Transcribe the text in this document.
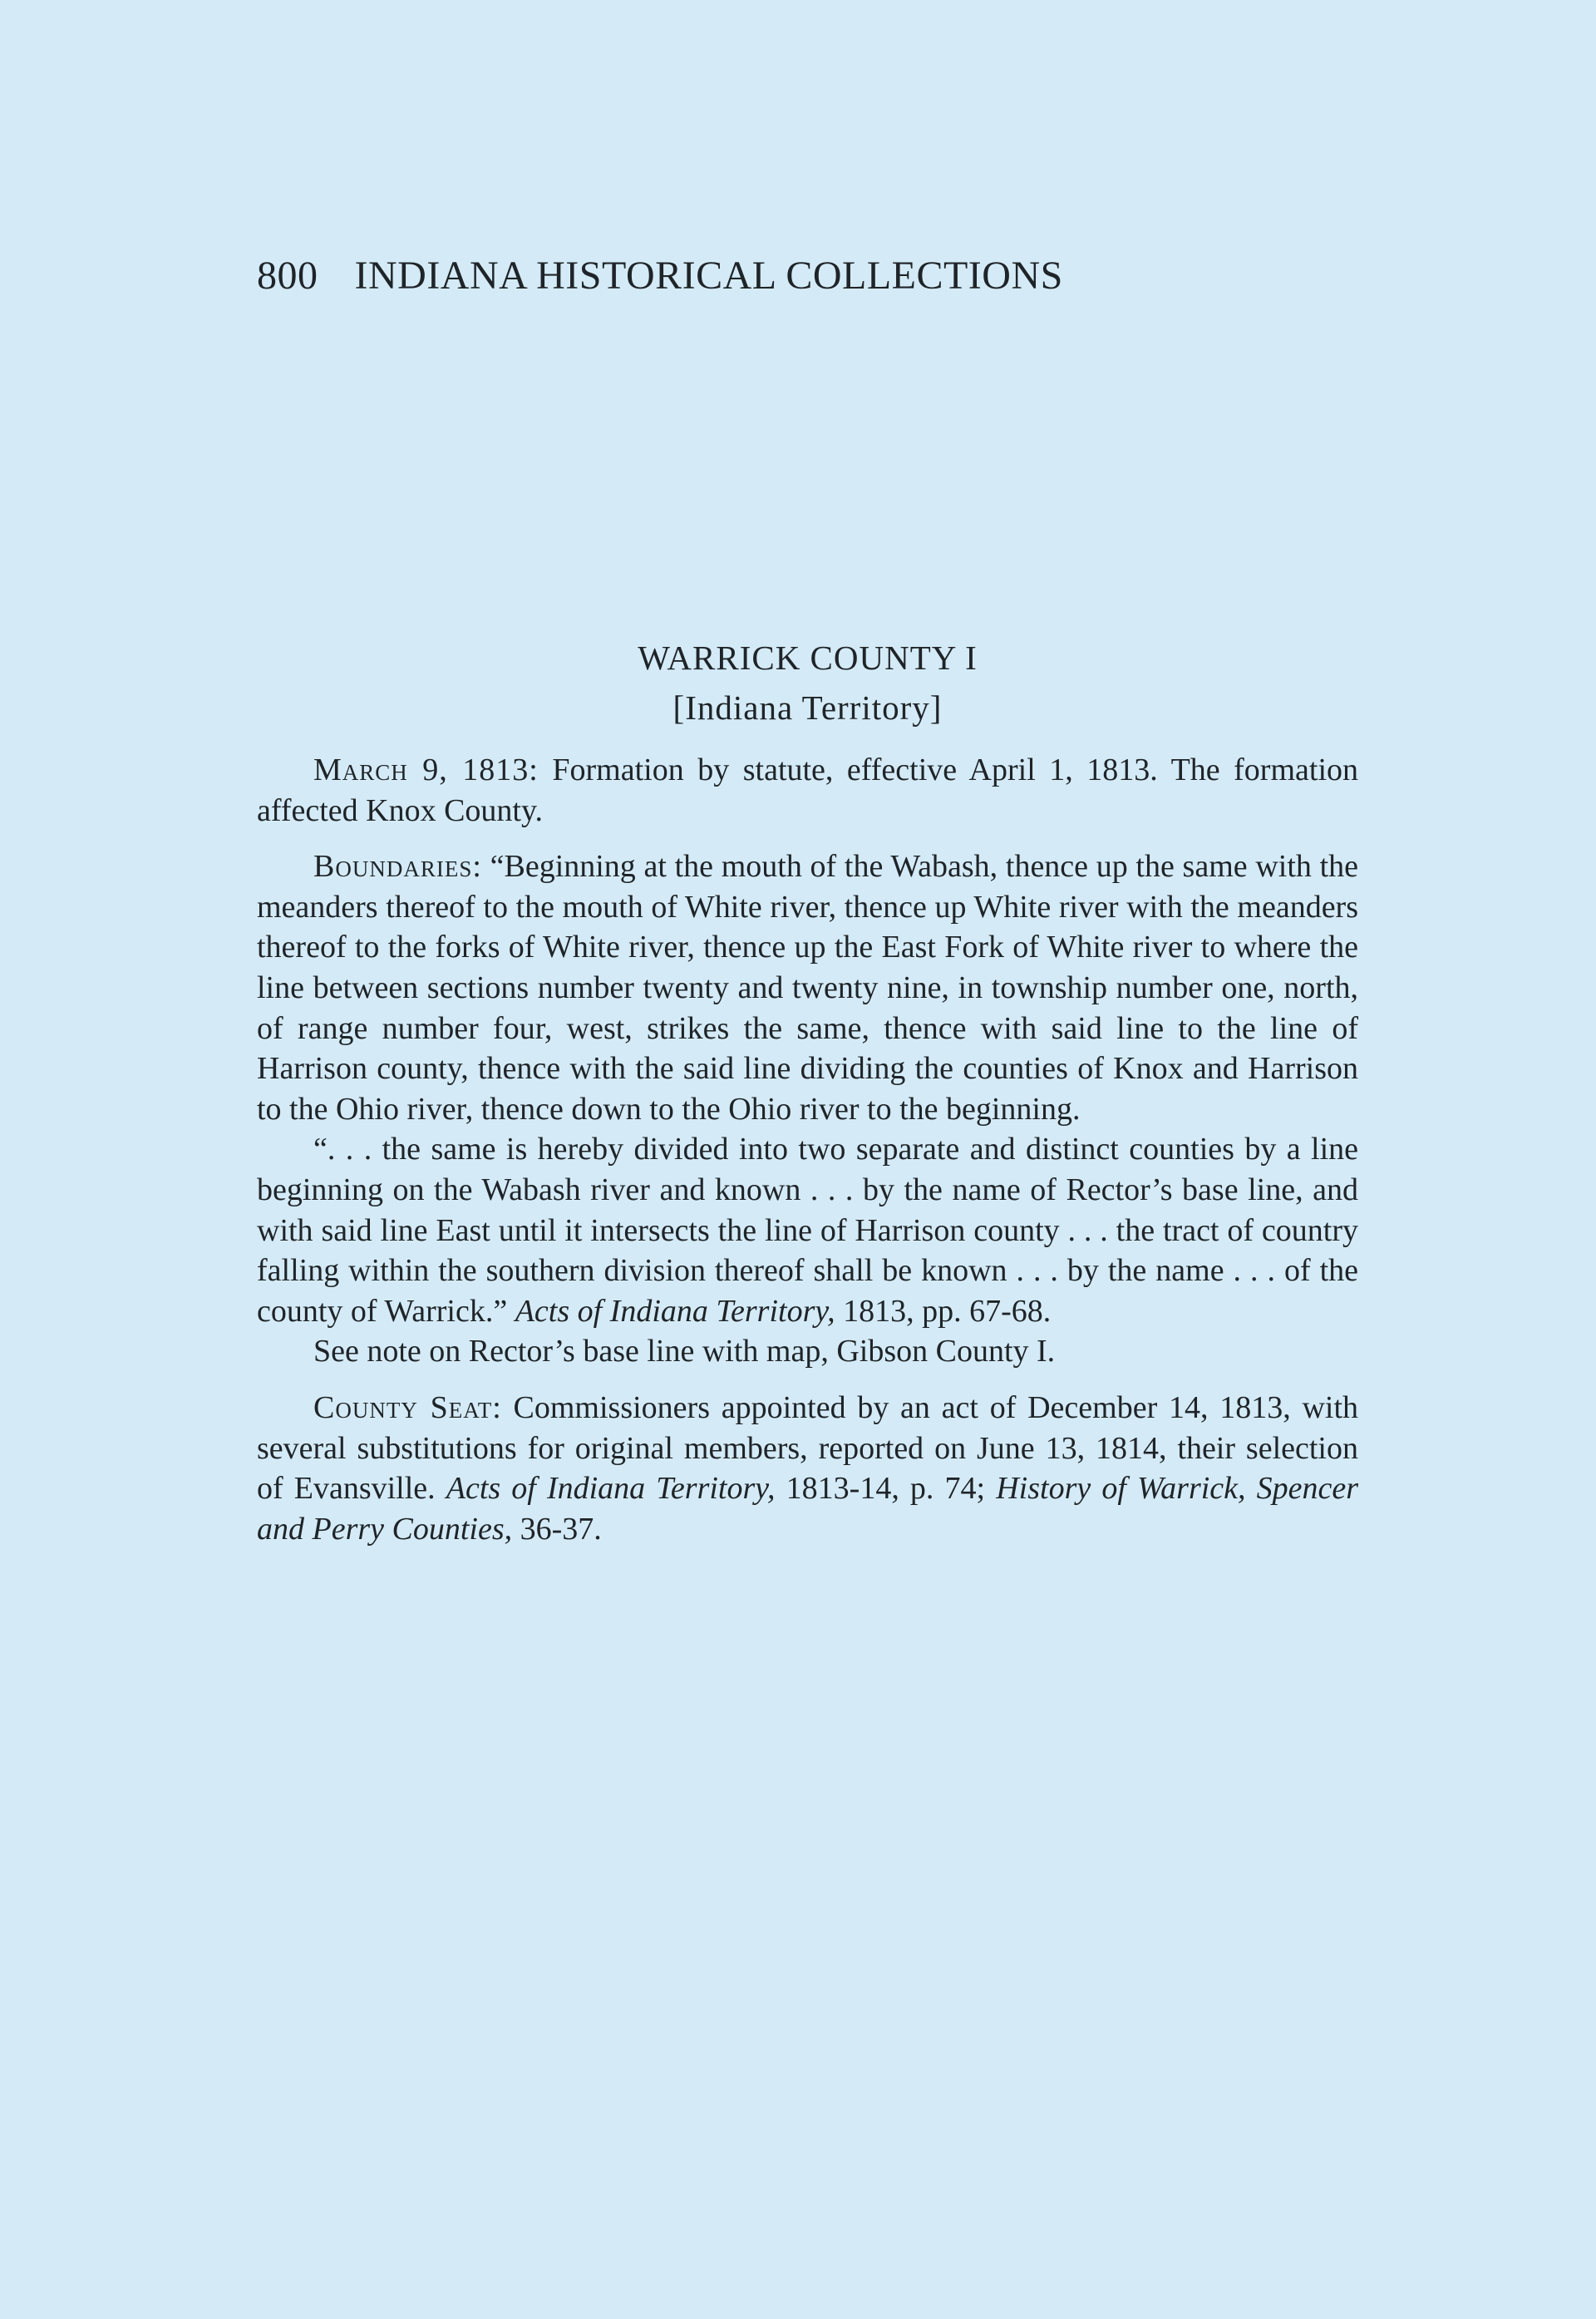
800 INDIANA HISTORICAL COLLECTIONS
WARRICK COUNTY I
[Indiana Territory]

March 9, 1813: Formation by statute, effective April 1, 1813. The formation affected Knox County.

Boundaries: “Beginning at the mouth of the Wabash, thence up the same with the meanders thereof to the mouth of White river, thence up White river with the meanders thereof to the forks of White river, thence up the East Fork of White river to where the line between sections number twenty and twenty nine, in township number one, north, of range number four, west, strikes the same, thence with said line to the line of Harrison county, thence with the said line dividing the counties of Knox and Harrison to the Ohio river, thence down to the Ohio river to the beginning.

“. . . the same is hereby divided into two separate and distinct counties by a line beginning on the Wabash river and known . . . by the name of Rector’s base line, and with said line East until it intersects the line of Harrison county . . . the tract of country falling within the southern division thereof shall be known . . . by the name . . . of the county of Warrick.” Acts of Indiana Territory, 1813, pp. 67-68.

See note on Rector’s base line with map, Gibson County I.

County Seat: Commissioners appointed by an act of December 14, 1813, with several substitutions for original members, reported on June 13, 1814, their selection of Evansville. Acts of Indiana Territory, 1813-14, p. 74; History of Warrick, Spencer and Perry Counties, 36-37.
